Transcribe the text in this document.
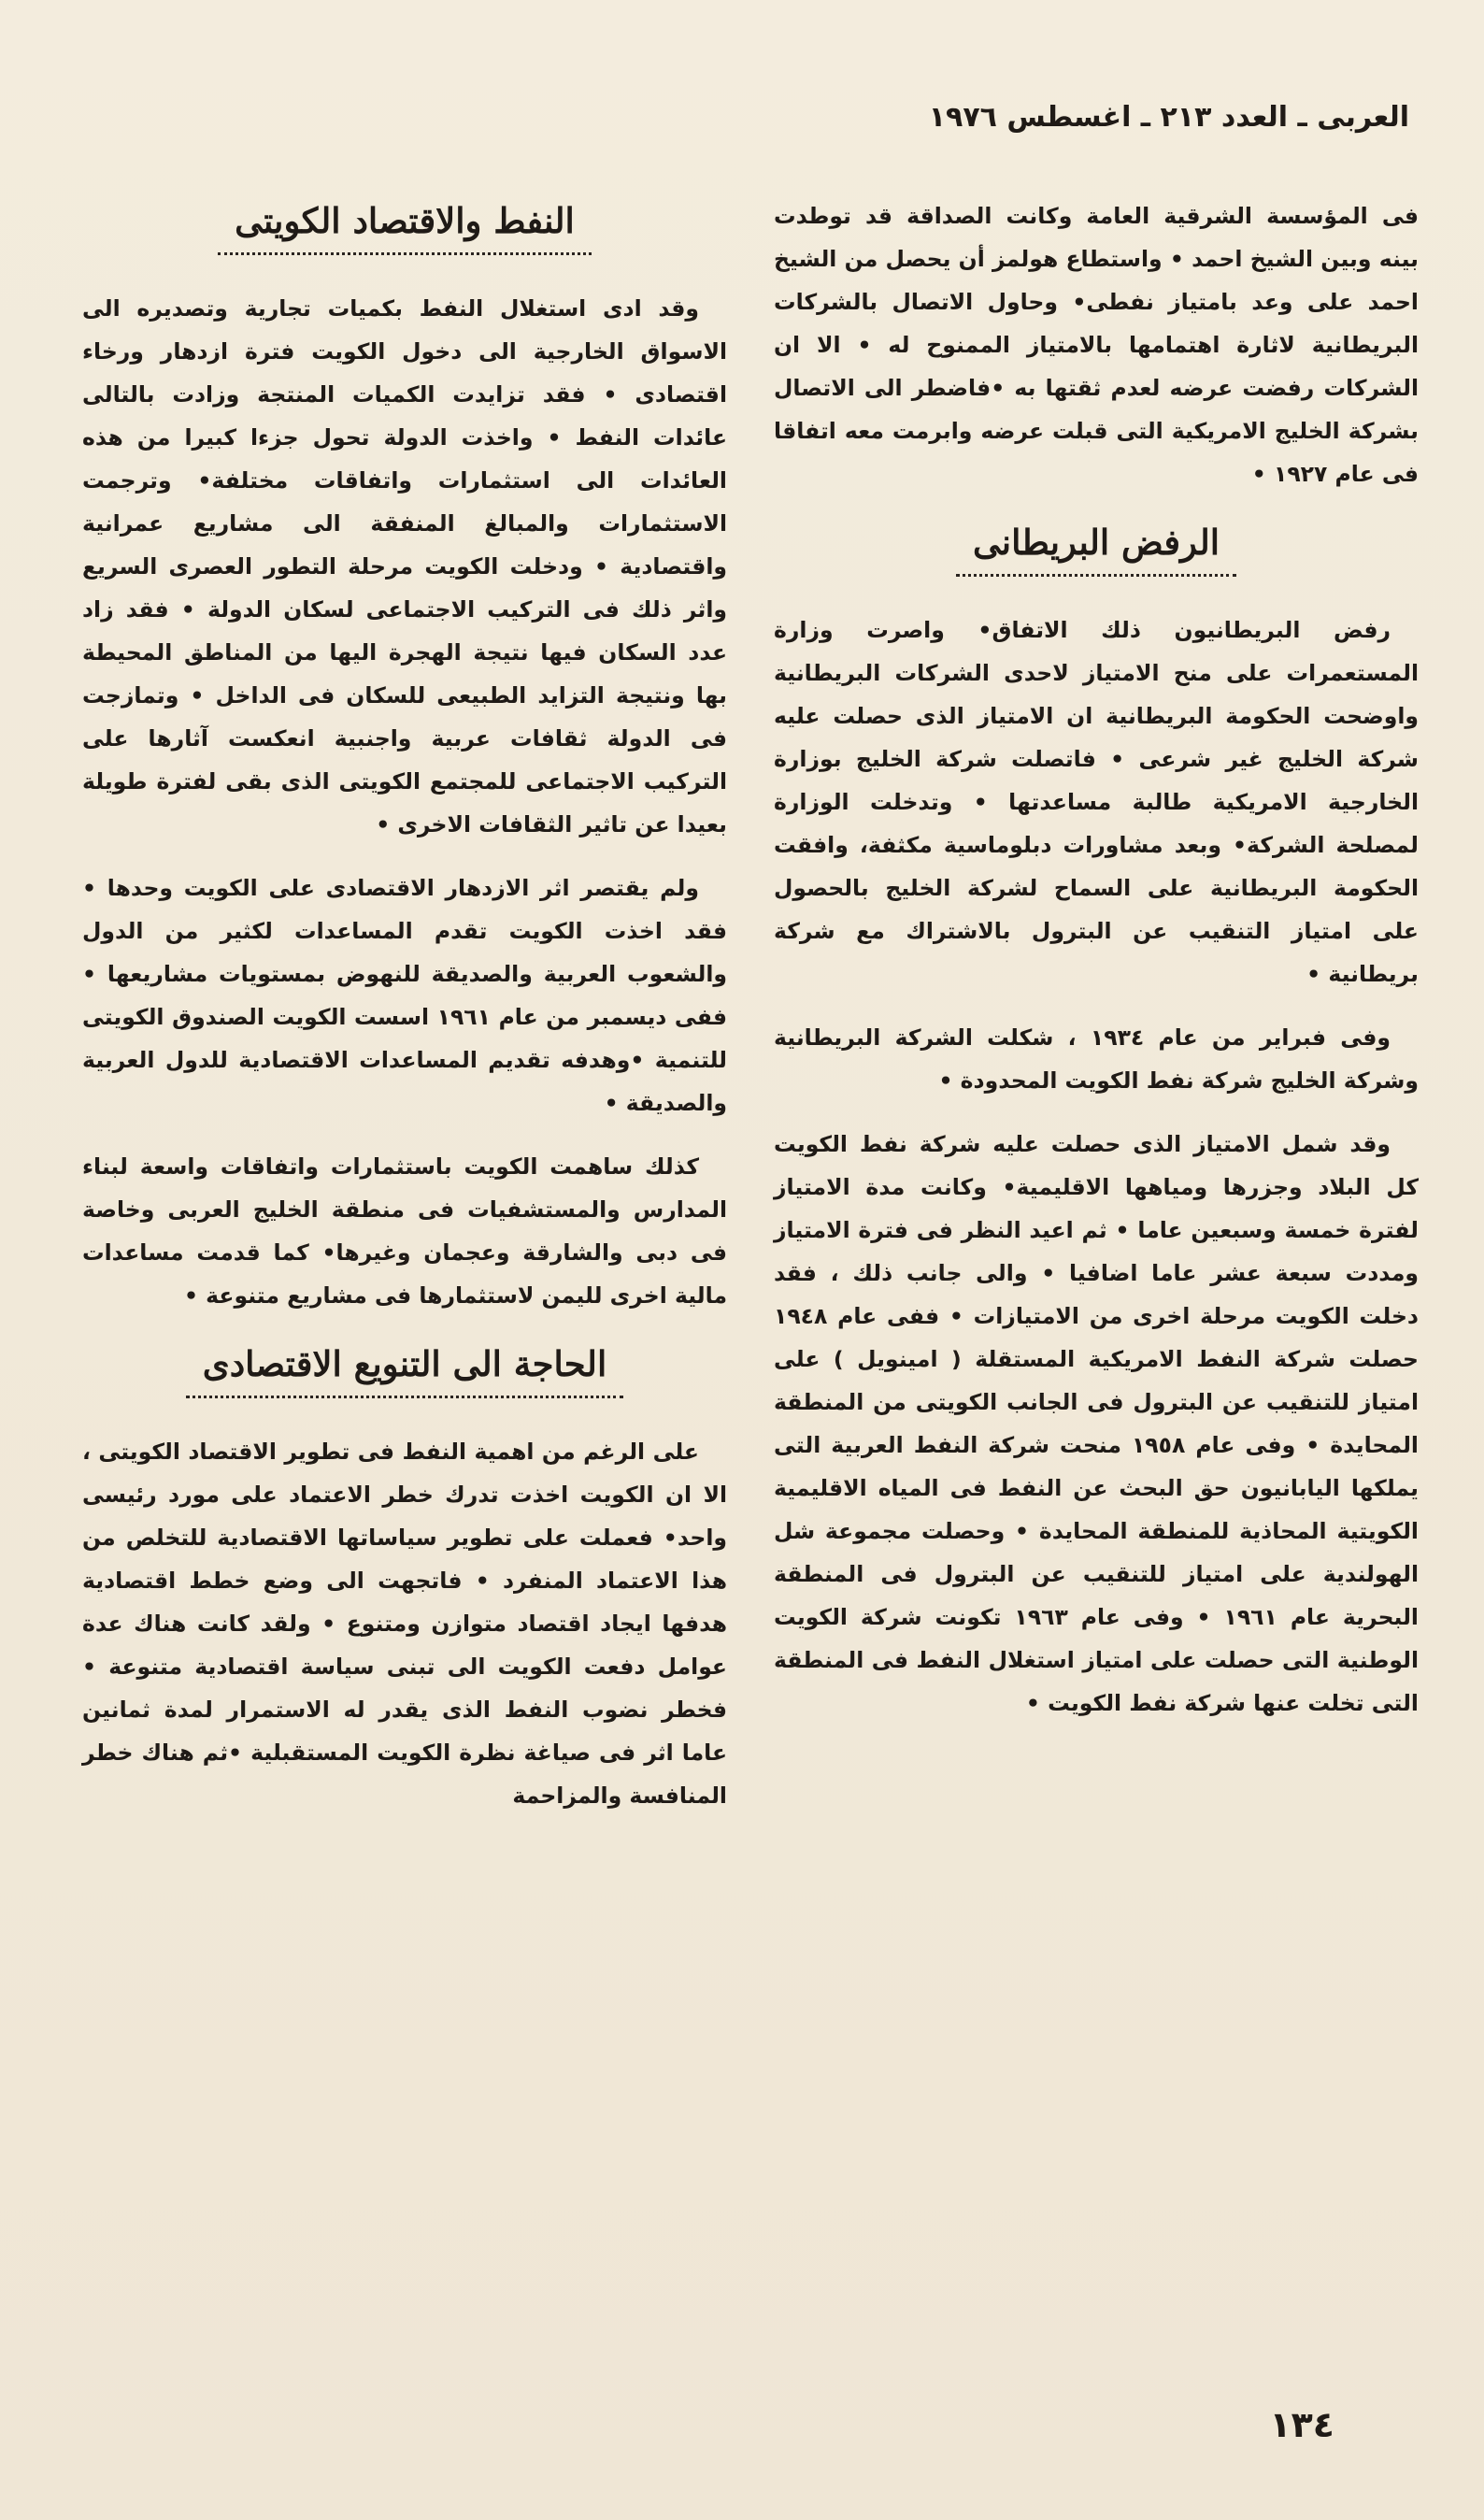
العربى ـ العدد ٢١٣ ـ اغسطس ١٩٧٦

فى المؤسسة الشرقية العامة وكانت الصداقة قد توطدت بينه وبين الشيخ احمد • واستطاع هولمز أن يحصل من الشيخ احمد على وعد بامتياز نفطى• وحاول الاتصال بالشركات البريطانية لاثارة اهتمامها بالامتياز الممنوح له • الا ان الشركات رفضت عرضه لعدم ثقتها به •فاضطر الى الاتصال بشركة الخليج الامريكية التى قبلت عرضه وابرمت معه اتفاقا فى عام ١٩٢٧ •

الرفض البريطانى

رفض البريطانيون ذلك الاتفاق• واصرت وزارة المستعمرات على منح الامتياز لاحدى الشركات البريطانية واوضحت الحكومة البريطانية ان الامتياز الذى حصلت عليه شركة الخليج غير شرعى • فاتصلت شركة الخليج بوزارة الخارجية الامريكية طالبة مساعدتها • وتدخلت الوزارة لمصلحة الشركة• وبعد مشاورات دبلوماسية مكثفة، وافقت الحكومة البريطانية على السماح لشركة الخليج بالحصول على امتياز التنقيب عن البترول بالاشتراك مع شركة بريطانية •

وفى فبراير من عام ١٩٣٤ ، شكلت الشركة البريطانية وشركة الخليج شركة نفط الكويت المحدودة •

وقد شمل الامتياز الذى حصلت عليه شركة نفط الكويت كل البلاد وجزرها ومياهها الاقليمية• وكانت مدة الامتياز لفترة خمسة وسبعين عاما • ثم اعيد النظر فى فترة الامتياز ومددت سبعة عشر عاما اضافيا • والى جانب ذلك ، فقد دخلت الكويت مرحلة اخرى من الامتيازات • ففى عام ١٩٤٨ حصلت شركة النفط الامريكية المستقلة ( امينويل ) على امتياز للتنقيب عن البترول فى الجانب الكويتى من المنطقة المحايدة • وفى عام ١٩٥٨ منحت شركة النفط العربية التى يملكها اليابانيون حق البحث عن النفط فى المياه الاقليمية الكويتية المحاذية للمنطقة المحايدة • وحصلت مجموعة شل الهولندية على امتياز للتنقيب عن البترول فى المنطقة البحرية عام ١٩٦١ • وفى عام ١٩٦٣ تكونت شركة الكويت الوطنية التى حصلت على امتياز استغلال النفط فى المنطقة التى تخلت عنها شركة نفط الكويت •

النفط والاقتصاد الكويتى

وقد ادى استغلال النفط بكميات تجارية وتصديره الى الاسواق الخارجية الى دخول الكويت فترة ازدهار ورخاء اقتصادى • فقد تزايدت الكميات المنتجة وزادت بالتالى عائدات النفط • واخذت الدولة تحول جزءا كبيرا من هذه العائدات الى استثمارات واتفاقات مختلفة• وترجمت الاستثمارات والمبالغ المنفقة الى مشاريع عمرانية واقتصادية • ودخلت الكويت مرحلة التطور العصرى السريع واثر ذلك فى التركيب الاجتماعى لسكان الدولة • فقد زاد عدد السكان فيها نتيجة الهجرة اليها من المناطق المحيطة بها ونتيجة التزايد الطبيعى للسكان فى الداخل • وتمازجت فى الدولة ثقافات عربية واجنبية انعكست آثارها على التركيب الاجتماعى للمجتمع الكويتى الذى بقى لفترة طويلة بعيدا عن تاثير الثقافات الاخرى •

ولم يقتصر اثر الازدهار الاقتصادى على الكويت وحدها • فقد اخذت الكويت تقدم المساعدات لكثير من الدول والشعوب العربية والصديقة للنهوض بمستويات مشاريعها • ففى ديسمبر من عام ١٩٦١ اسست الكويت الصندوق الكويتى للتنمية •وهدفه تقديم المساعدات الاقتصادية للدول العربية والصديقة •

كذلك ساهمت الكويت باستثمارات واتفاقات واسعة لبناء المدارس والمستشفيات فى منطقة الخليج العربى وخاصة فى دبى والشارقة وعجمان وغيرها• كما قدمت مساعدات مالية اخرى لليمن لاستثمارها فى مشاريع متنوعة •

الحاجة الى التنويع الاقتصادى

على الرغم من اهمية النفط فى تطوير الاقتصاد الكويتى ، الا ان الكويت اخذت تدرك خطر الاعتماد على مورد رئيسى واحد• فعملت على تطوير سياساتها الاقتصادية للتخلص من هذا الاعتماد المنفرد • فاتجهت الى وضع خطط اقتصادية هدفها ايجاد اقتصاد متوازن ومتنوع • ولقد كانت هناك عدة عوامل دفعت الكويت الى تبنى سياسة اقتصادية متنوعة • فخطر نضوب النفط الذى يقدر له الاستمرار لمدة ثمانين عاما اثر فى صياغة نظرة الكويت المستقبلية •ثم هناك خطر المنافسة والمزاحمة

١٣٤
